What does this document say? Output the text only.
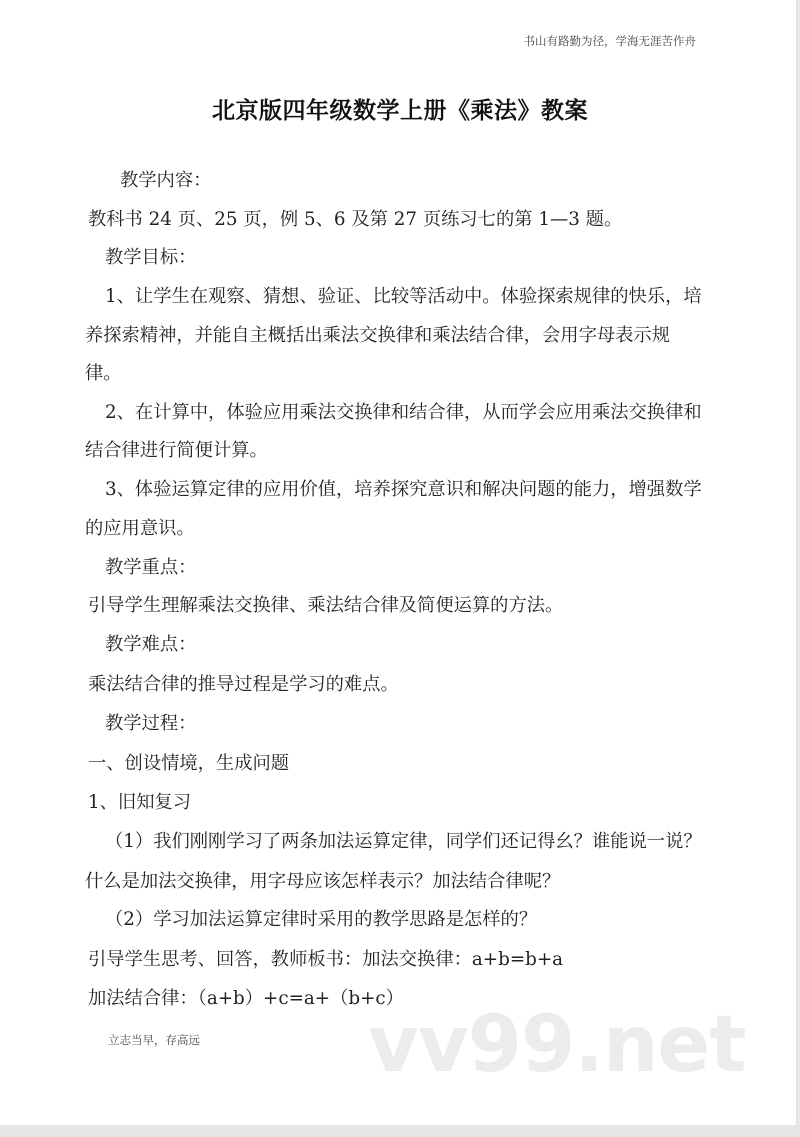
书山有路勤为径，学海无涯苦作舟
北京版四年级数学上册《乘法》教案
教学内容：
教科书 24 页、25 页，例 5、6 及第 27 页练习七的第 1—3 题。
教学目标：
1、让学生在观察、猜想、验证、比较等活动中。体验探索规律的快乐，培
养探索精神，并能自主概括出乘法交换律和乘法结合律，会用字母表示规
律。
2、在计算中，体验应用乘法交换律和结合律，从而学会应用乘法交换律和
结合律进行简便计算。
3、体验运算定律的应用价值，培养探究意识和解决问题的能力，增强数学
的应用意识。
教学重点：
引导学生理解乘法交换律、乘法结合律及简便运算的方法。
教学难点：
乘法结合律的推导过程是学习的难点。
教学过程：
一、创设情境，生成问题
1、旧知复习
（1）我们刚刚学习了两条加法运算定律，同学们还记得幺？谁能说一说？
什么是加法交换律，用字母应该怎样表示？加法结合律呢？
（2）学习加法运算定律时采用的教学思路是怎样的？
引导学生思考、回答，教师板书：加法交换律：a+b=b+a
加法结合律：（a+b）+c=a+（b+c）
vv99.net
立志当早，存高远
